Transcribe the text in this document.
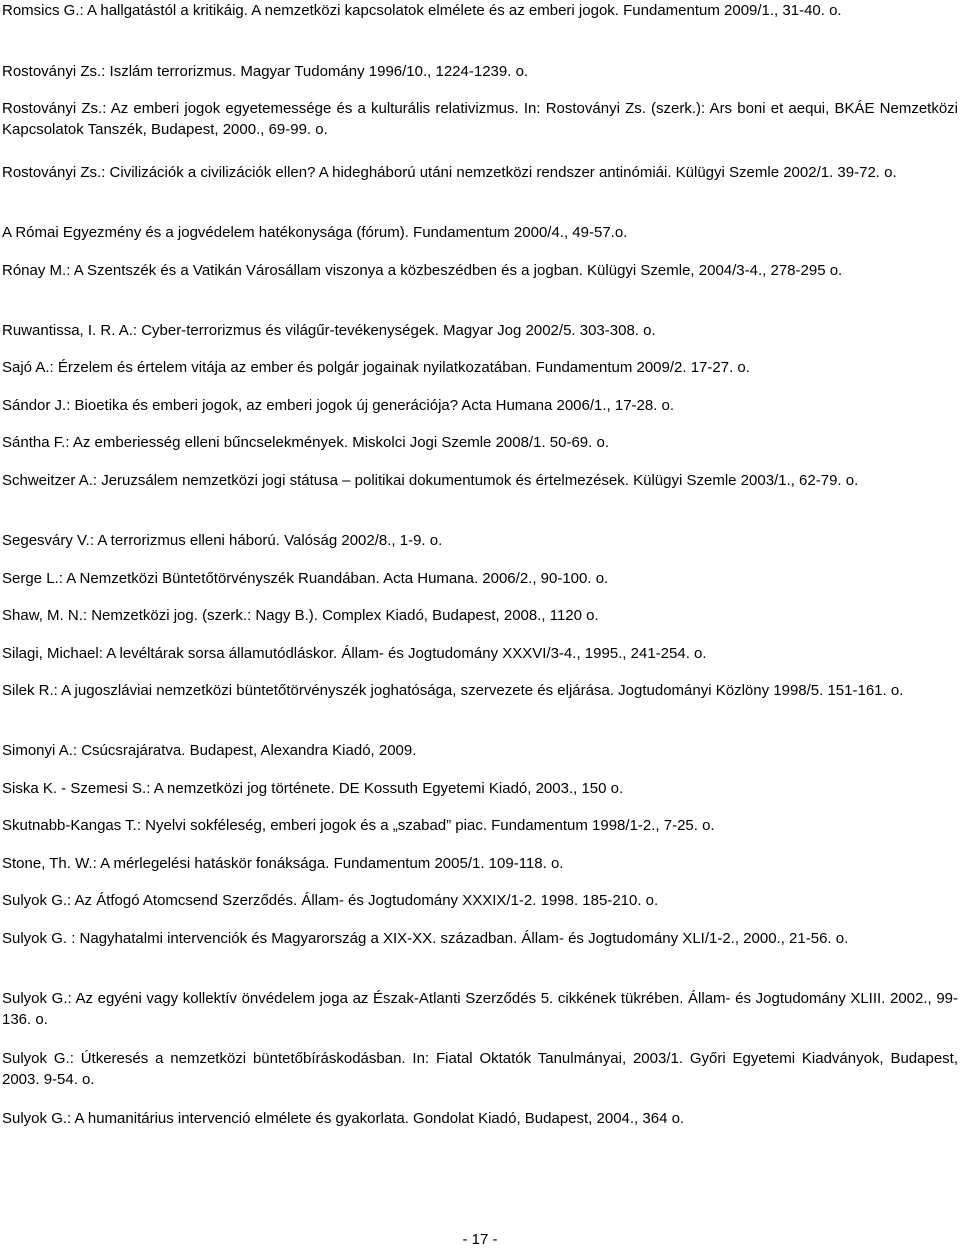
Romsics G.: A hallgatástól a kritikáig. A nemzetközi kapcsolatok elmélete és az emberi jogok. Fundamentum 2009/1., 31-40. o.
Rostoványi Zs.: Iszlám terrorizmus. Magyar Tudomány 1996/10., 1224-1239. o.
Rostoványi Zs.: Az emberi jogok egyetemessége és a kulturális relativizmus. In: Rostoványi Zs. (szerk.): Ars boni et aequi, BKÁE Nemzetközi Kapcsolatok Tanszék, Budapest, 2000., 69-99. o.
Rostoványi Zs.: Civilizációk a civilizációk ellen? A hidegháború utáni nemzetközi rendszer antinómiái. Külügyi Szemle 2002/1. 39-72. o.
A Római Egyezmény és a jogvédelem hatékonysága (fórum). Fundamentum 2000/4., 49-57.o.
Rónay M.: A Szentszék és a Vatikán Városállam viszonya a közbeszédben és a jogban. Külügyi Szemle, 2004/3-4., 278-295 o.
Ruwantissa, I. R. A.: Cyber-terrorizmus és világűr-tevékenységek. Magyar Jog 2002/5. 303-308. o.
Sajó A.: Érzelem és értelem vitája az ember és polgár jogainak nyilatkozatában. Fundamentum 2009/2. 17-27. o.
Sándor J.: Bioetika és emberi jogok, az emberi jogok új generációja? Acta Humana 2006/1., 17-28. o.
Sántha F.: Az emberiesség elleni bűncselekmények. Miskolci Jogi Szemle 2008/1. 50-69. o.
Schweitzer A.: Jeruzsálem nemzetközi jogi státusa – politikai dokumentumok és értelmezések. Külügyi Szemle 2003/1., 62-79. o.
Segesváry V.: A terrorizmus elleni háború. Valóság 2002/8., 1-9. o.
Serge L.: A Nemzetközi Büntetőtörvényszék Ruandában. Acta Humana. 2006/2., 90-100. o.
Shaw, M. N.: Nemzetközi jog. (szerk.: Nagy B.). Complex Kiadó, Budapest, 2008., 1120 o.
Silagi, Michael: A levéltárak sorsa államutódláskor. Állam- és Jogtudomány XXXVI/3-4., 1995., 241-254. o.
Silek R.: A jugoszláviai nemzetközi büntetőtörvényszék joghatósága, szervezete és eljárása. Jogtudományi Közlöny 1998/5. 151-161. o.
Simonyi A.: Csúcsrajáratva. Budapest, Alexandra Kiadó, 2009.
Siska K. - Szemesi S.: A nemzetközi jog története. DE Kossuth Egyetemi Kiadó, 2003., 150 o.
Skutnabb-Kangas T.: Nyelvi sokféleség, emberi jogok és a „szabad” piac. Fundamentum 1998/1-2., 7-25. o.
Stone, Th. W.: A mérlegelési hatáskör fonáksága. Fundamentum 2005/1. 109-118. o.
Sulyok G.: Az Átfogó Atomcsend Szerződés. Állam- és Jogtudomány XXXIX/1-2. 1998. 185-210. o.
Sulyok G. : Nagyhatalmi intervenciók és Magyarország a XIX-XX. században. Állam- és Jogtudomány XLI/1-2., 2000., 21-56. o.
Sulyok G.: Az egyéni vagy kollektív önvédelem joga az Észak-Atlanti Szerződés 5. cikkének tükrében. Állam- és Jogtudomány XLIII. 2002., 99-136. o.
Sulyok G.: Útkeresés a nemzetközi büntetőbíráskodásban. In: Fiatal Oktatók Tanulmányai, 2003/1. Győri Egyetemi Kiadványok, Budapest, 2003. 9-54. o.
Sulyok G.: A humanitárius intervenció elmélete és gyakorlata. Gondolat Kiadó, Budapest, 2004., 364 o.
- 17 -
